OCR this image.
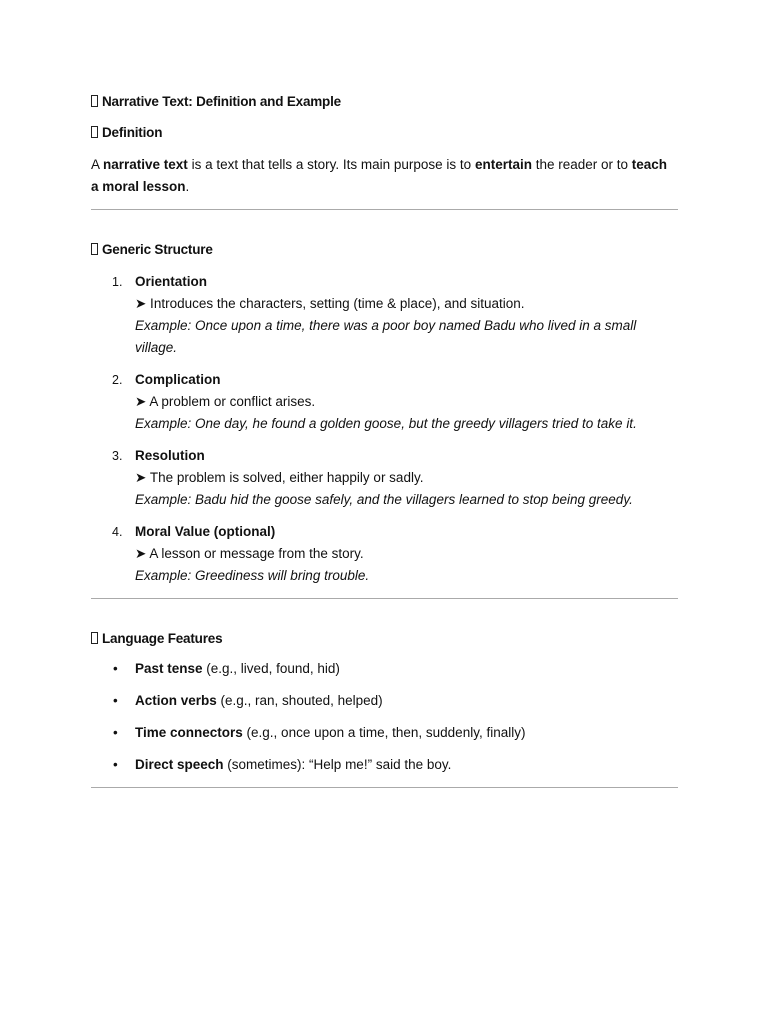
Narrative Text: Definition and Example
Definition

A narrative text is a text that tells a story. Its main purpose is to entertain the reader or to teach a moral lesson.

Generic Structure
1. Orientation
➤ Introduces the characters, setting (time & place), and situation.
Example: Once upon a time, there was a poor boy named Badu who lived in a small village.
2. Complication
➤ A problem or conflict arises.
Example: One day, he found a golden goose, but the greedy villagers tried to take it.
3. Resolution
➤ The problem is solved, either happily or sadly.
Example: Badu hid the goose safely, and the villagers learned to stop being greedy.
4. Moral Value (optional)
➤ A lesson or message from the story.
Example: Greediness will bring trouble.
Language Features
• Past tense (e.g., lived, found, hid)
• Action verbs (e.g., ran, shouted, helped)
• Time connectors (e.g., once upon a time, then, suddenly, finally)
• Direct speech (sometimes): “Help me!” said the boy.
